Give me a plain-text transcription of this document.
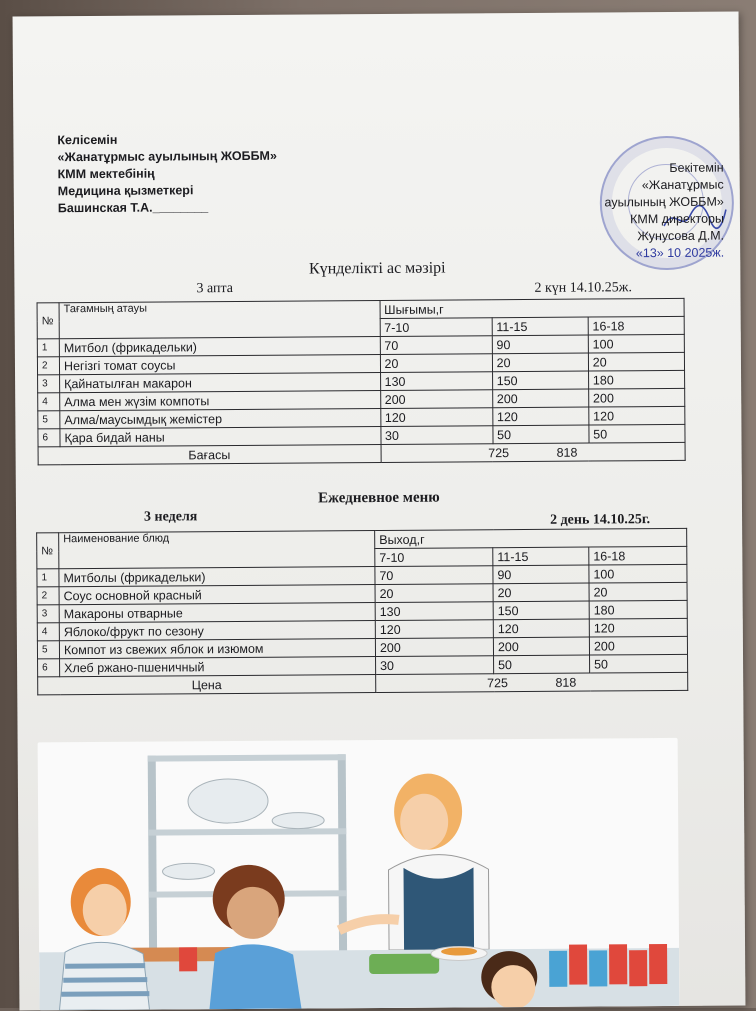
Келісемін
«Жанатұрмыс ауылының ЖОББМ»
КММ мектебінің
Медицина қызметкері
Башинская Т.А.________
Бекітемін
«Жанатұрмыс
ауылының ЖОББМ»
КММ директоры
Жунусова Д.М.
«13» 10 2025ж.
Күнделікті ас мәзірі
3 апта	2 күн 14.10.25ж.
№	Тағамның атауы	Шығымы,г		
		7-10	11-15	16-18
1	Митбол (фрикадельки)	70	90	100
2	Негізгі томат соусы	20	20	20
3	Қайнатылған макарон	130	150	180
4	Алма мен жүзім компоты	200	200	200
5	Алма/маусымдық жемістер	120	120	120
6	Қара бидай наны	30	50	50
Бағасы		725 818		
Ежедневное меню
3 неделя	2 день 14.10.25г.
№	Наименование блюд	Выход,г		
		7-10	11-15	16-18
1	Митболы (фрикадельки)	70	90	100
2	Соус основной красный	20	20	20
3	Макароны отварные	130	150	180
4	Яблоко/фрукт по сезону	120	120	120
5	Компот из свежих яблок и изюмом	200	200	200
6	Хлеб ржано-пшеничный	30	50	50
Цена		725 818		
